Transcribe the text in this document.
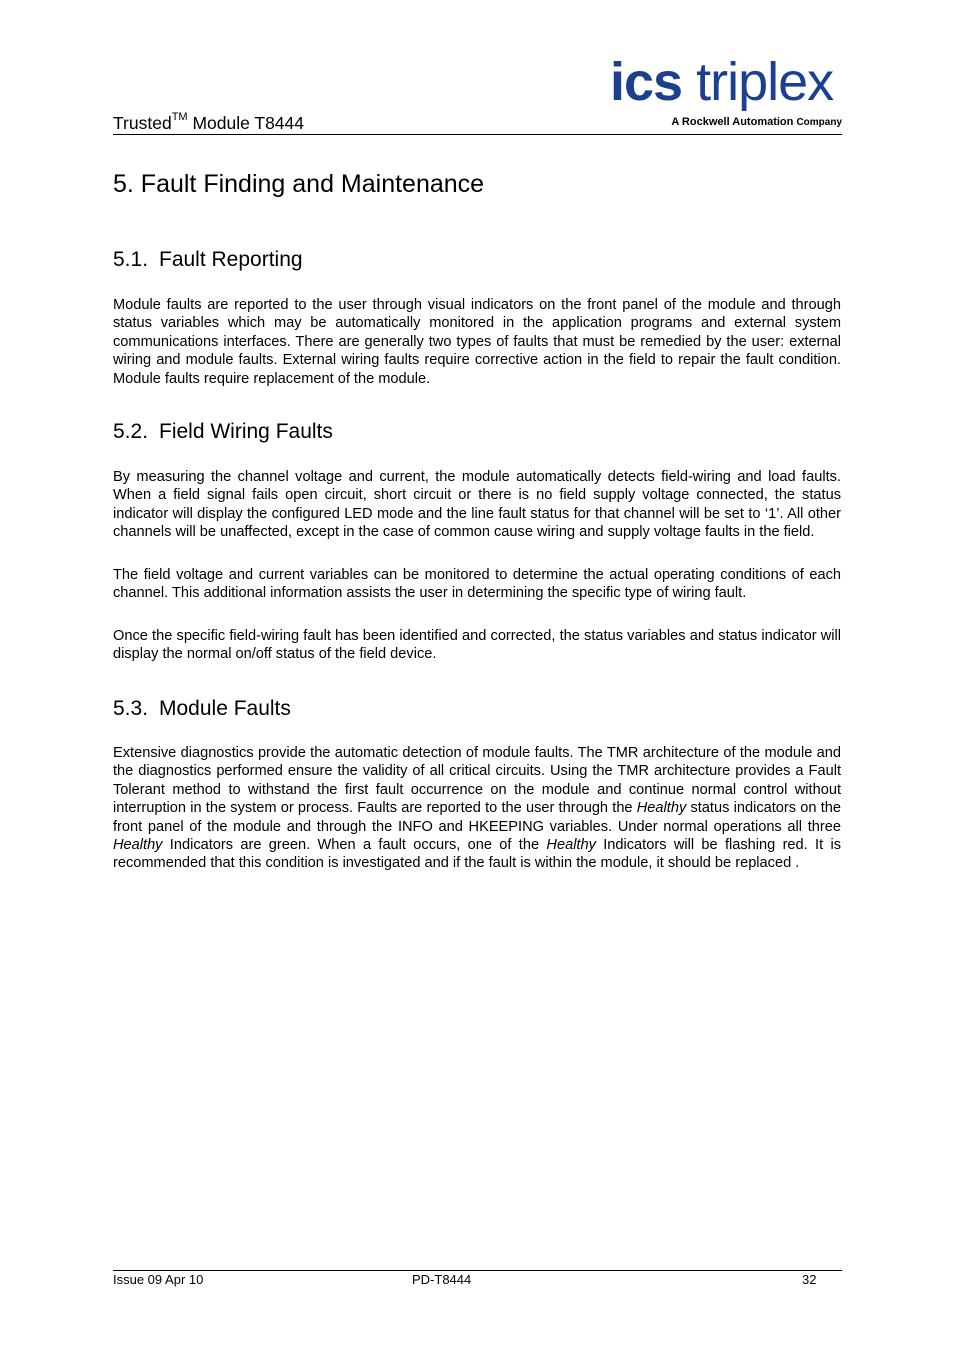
Trusted™ Module T8444
ics triplex
A Rockwell Automation Company
5. Fault Finding and Maintenance
5.1. Fault Reporting

Module faults are reported to the user through visual indicators on the front panel of the module and through status variables which may be automatically monitored in the application programs and external system communications interfaces. There are generally two types of faults that must be remedied by the user: external wiring and module faults. External wiring faults require corrective action in the field to repair the fault condition. Module faults require replacement of the module.

5.2. Field Wiring Faults

By measuring the channel voltage and current, the module automatically detects field-wiring and load faults. When a field signal fails open circuit, short circuit or there is no field supply voltage connected, the status indicator will display the configured LED mode and the line fault status for that channel will be set to ‘1’. All other channels will be unaffected, except in the case of common cause wiring and supply voltage faults in the field.

The field voltage and current variables can be monitored to determine the actual operating conditions of each channel. This additional information assists the user in determining the specific type of wiring fault.

Once the specific field-wiring fault has been identified and corrected, the status variables and status indicator will display the normal on/off status of the field device.

5.3. Module Faults

Extensive diagnostics provide the automatic detection of module faults. The TMR architecture of the module and the diagnostics performed ensure the validity of all critical circuits. Using the TMR architecture provides a Fault Tolerant method to withstand the first fault occurrence on the module and continue normal control without interruption in the system or process. Faults are reported to the user through the Healthy status indicators on the front panel of the module and through the INFO and HKEEPING variables. Under normal operations all three Healthy Indicators are green. When a fault occurs, one of the Healthy Indicators will be flashing red. It is recommended that this condition is investigated and if the fault is within the module, it should be replaced .

Issue 09 Apr 10	PD-T8444	32
